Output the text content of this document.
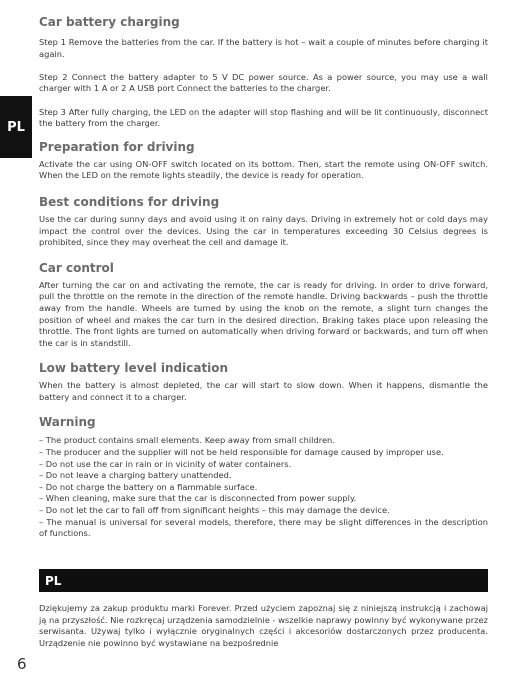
PL
Car battery charging

Step 1 Remove the batteries from the car. If the battery is hot – wait a couple of minutes before charging it again.

Step 2 Connect the battery adapter to 5 V DC power source. As a power source, you may use a wall charger with 1 A or 2 A USB port Connect the batteries to the charger.

Step 3 After fully charging, the LED on the adapter will stop flashing and will be lit continuously, disconnect the battery from the charger.

Preparation for driving

Activate the car using ON-OFF switch located on its bottom. Then, start the remote using ON-OFF switch. When the LED on the remote lights steadily, the device is ready for operation.

Best conditions for driving

Use the car during sunny days and avoid using it on rainy days. Driving in extremely hot or cold days may impact the control over the devices. Using the car in temperatures exceeding 30 Celsius degrees is prohibited, since they may overheat the cell and damage it.

Car control

After turning the car on and activating the remote, the car is ready for driving. In order to drive forward, pull the throttle on the remote in the direction of the remote handle. Driving backwards – push the throttle away from the handle. Wheels are turned by using the knob on the remote, a slight turn changes the position of wheel and makes the car turn in the desired direction. Braking takes place upon releasing the throttle. The front lights are turned on automatically when driving forward or backwards, and turn off when the car is in standstill.

Low battery level indication

When the battery is almost depleted, the car will start to slow down. When it happens, dismantle the battery and connect it to a charger.

Warning
– The product contains small elements. Keep away from small children.
– The producer and the supplier will not be held responsible for damage caused by improper use.
– Do not use the car in rain or in vicinity of water containers.
– Do not leave a charging battery unattended.
– Do not charge the battery on a flammable surface.
– When cleaning, make sure that the car is disconnected from power supply.
– Do not let the car to fall off from significant heights – this may damage the device.
– The manual is universal for several models, therefore, there may be slight differences in the description of functions.
PL

Dziękujemy za zakup produktu marki Forever. Przed użyciem zapoznaj się z niniejszą instrukcją i zachowaj ją na przyszłość. Nie rozkręcaj urządzenia samodzielnie - wszelkie naprawy powinny być wykonywane przez serwisanta. Używaj tylko i wyłącznie oryginalnych części i akcesoriów dostarczonych przez producenta. Urządzenie nie powinno być wystawiane na bezpośrednie

6
